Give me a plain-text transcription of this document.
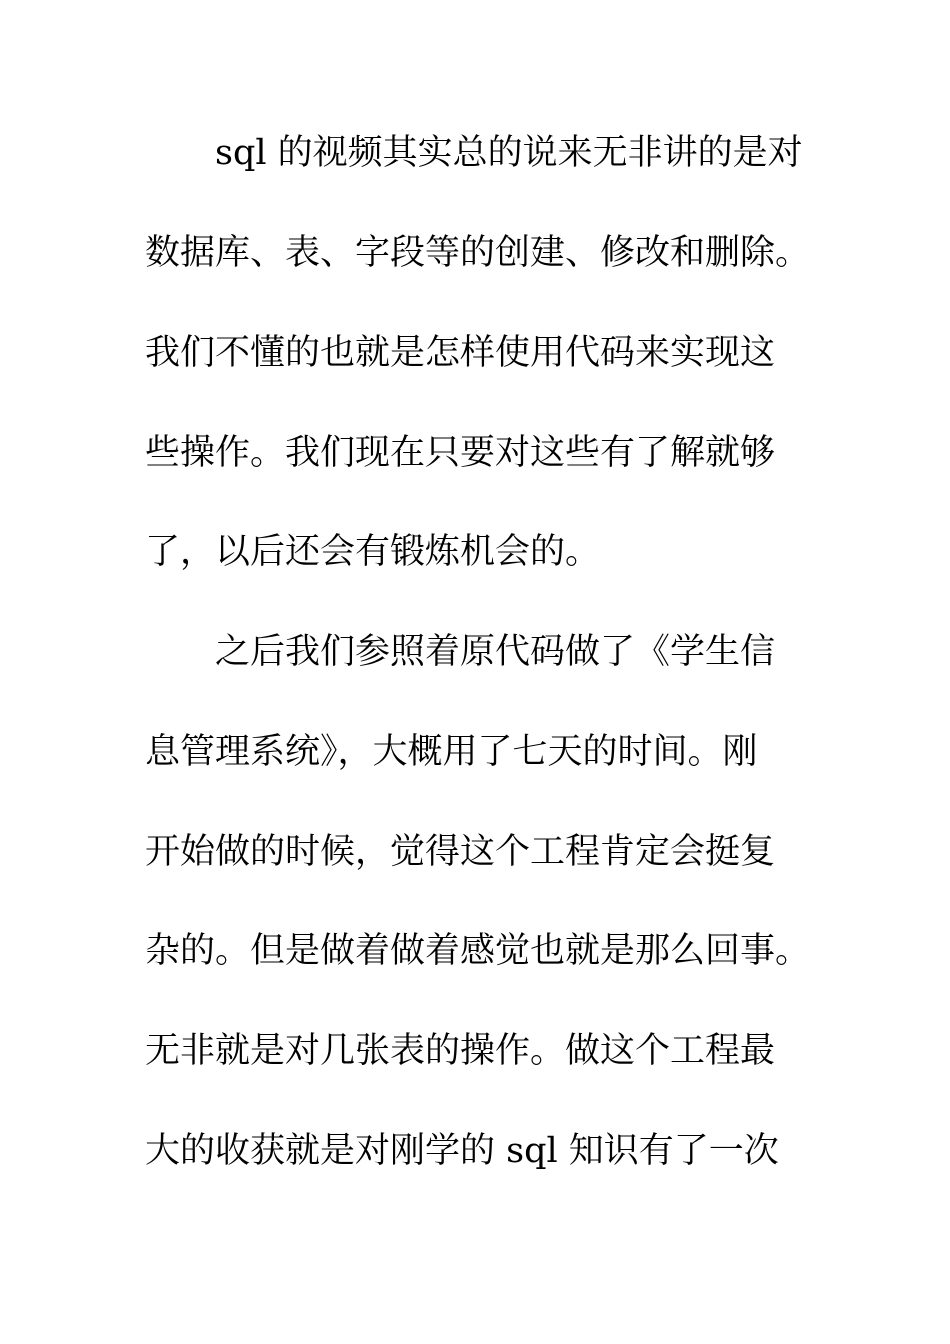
sql 的视频其实总的说来无非讲的是对
数据库、表、字段等的创建、修改和删除。
我们不懂的也就是怎样使用代码来实现这
些操作。我们现在只要对这些有了解就够
了，以后还会有锻炼机会的。
之后我们参照着原代码做了《学生信
息管理系统》，大概用了七天的时间。刚
开始做的时候，觉得这个工程肯定会挺复
杂的。但是做着做着感觉也就是那么回事。
无非就是对几张表的操作。做这个工程最
大的收获就是对刚学的 sql 知识有了一次
